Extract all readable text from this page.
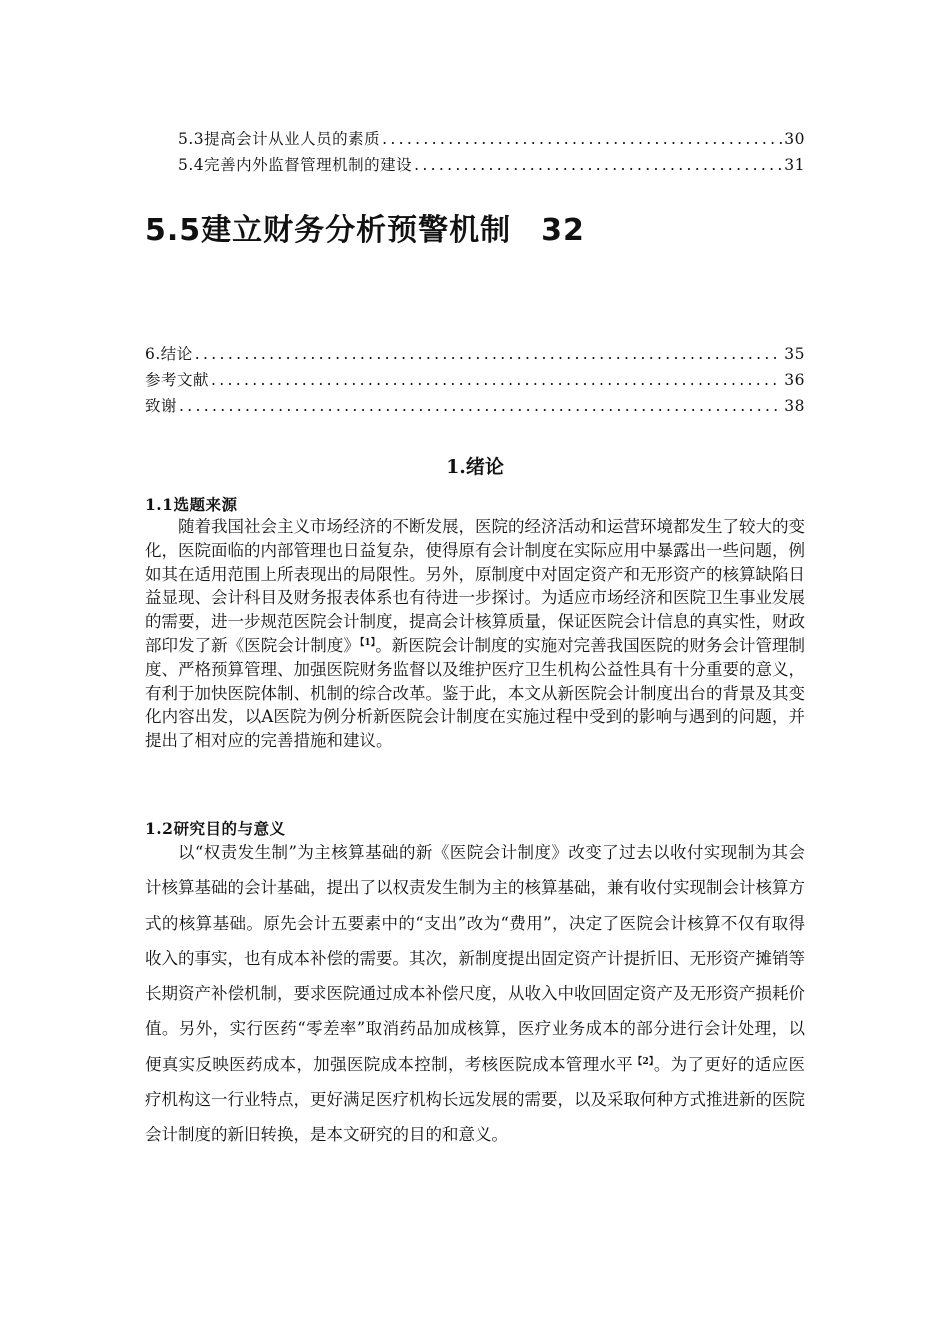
5.3提高会计从业人员的素质 . . .	30
5.4完善内外监督管理机制的建设 . . .	31
5.5建立财务分析预警机制 32
6.结论 . . .	35
参考文献 . . .	36
致谢 . . .	38
1.绪论
1.1选题来源

随着我国社会主义市场经济的不断发展，医院的经济活动和运营环境都发生了较大的变化，医院面临的内部管理也日益复杂，使得原有会计制度在实际应用中暴露出一些问题，例如其在适用范围上所表现出的局限性。另外，原制度中对固定资产和无形资产的核算缺陷日益显现、会计科目及财务报表体系也有待进一步探讨。为适应市场经济和医院卫生事业发展的需要，进一步规范医院会计制度，提高会计核算质量，保证医院会计信息的真实性，财政部印发了新《医院会计制度》$^{【1】}$。新医院会计制度的实施对完善我国医院的财务会计管理制度、严格预算管理、加强医院财务监督以及维护医疗卫生机构公益性具有十分重要的意义，有利于加快医院体制、机制的综合改革。鉴于此，本文从新医院会计制度出台的背景及其变化内容出发，以A医院为例分析新医院会计制度在实施过程中受到的影响与遇到的问题，并提出了相对应的完善措施和建议。

1.2研究目的与意义

以“权责发生制”为主核算基础的新《医院会计制度》改变了过去以收付实现制为其会计核算基础的会计基础，提出了以权责发生制为主的核算基础，兼有收付实现制会计核算方式的核算基础。原先会计五要素中的“支出”改为“费用”，决定了医院会计核算不仅有取得收入的事实，也有成本补偿的需要。其次，新制度提出固定资产计提折旧、无形资产摊销等长期资产补偿机制，要求医院通过成本补偿尺度，从收入中收回固定资产及无形资产损耗价值。另外，实行医药“零差率”取消药品加成核算，医疗业务成本的部分进行会计处理，以便真实反映医药成本，加强医院成本控制，考核医院成本管理水平$^{【2】}$。为了更好的适应医疗机构这一行业特点，更好满足医疗机构长远发展的需要，以及采取何种方式推进新的医院会计制度的新旧转换，是本文研究的目的和意义。
